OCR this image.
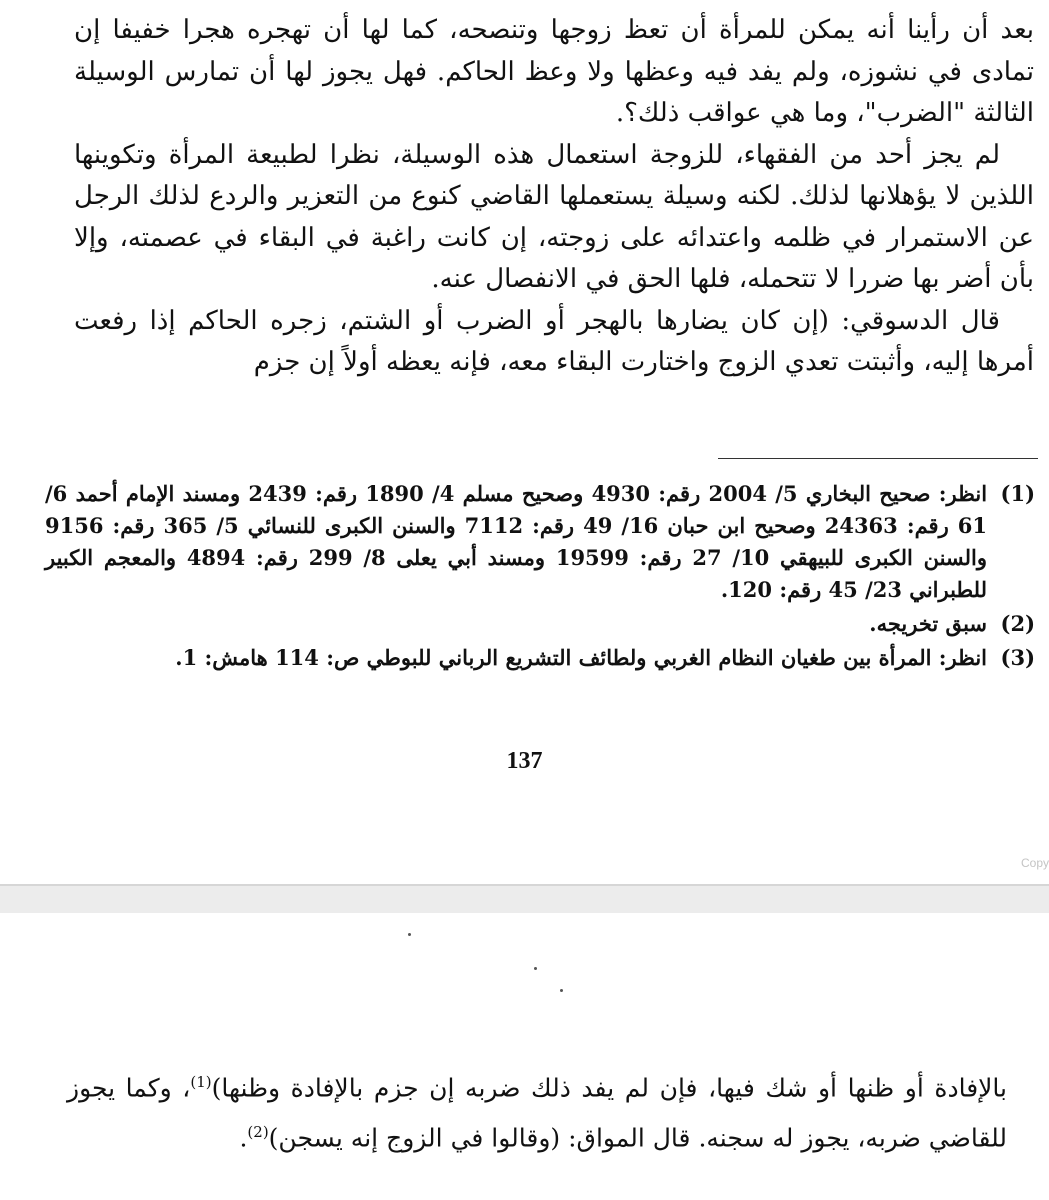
بعد أن رأينا أنه يمكن للمرأة أن تعظ زوجها وتنصحه، كما لها أن تهجره هجرا خفيفا إن تمادى في نشوزه، ولم يفد فيه وعظها ولا وعظ الحاكم. فهل يجوز لها أن تمارس الوسيلة الثالثة "الضرب"، وما هي عواقب ذلك؟.

لم يجز أحد من الفقهاء، للزوجة استعمال هذه الوسيلة، نظرا لطبيعة المرأة وتكوينها اللذين لا يؤهلانها لذلك. لكنه وسيلة يستعملها القاضي كنوع من التعزير والردع لذلك الرجل عن الاستمرار في ظلمه واعتدائه على زوجته، إن كانت راغبة في البقاء في عصمته، وإلا بأن أضر بها ضررا لا تتحمله، فلها الحق في الانفصال عنه.

قال الدسوقي: (إن كان يضارها بالهجر أو الضرب أو الشتم، زجره الحاكم إذا رفعت أمرها إليه، وأثبتت تعدي الزوج واختارت البقاء معه، فإنه يعظه أولاً إن جزم

(1)
انظر: صحيح البخاري 5/ 2004 رقم: 4930 وصحيح مسلم 4/ 1890 رقم: 2439 ومسند الإمام أحمد 6/ 61 رقم: 24363 وصحيح ابن حبان 16/ 49 رقم: 7112 والسنن الكبرى للنسائي 5/ 365 رقم: 9156 والسنن الكبرى للبيهقي 10/ 27 رقم: 19599 ومسند أبي يعلى 8/ 299 رقم: 4894 والمعجم الكبير للطبراني 23/ 45 رقم: 120.
(2)
سبق تخريجه.
(3)
انظر: المرأة بين طغيان النظام الغربي ولطائف التشريع الرباني للبوطي ص: 114 هامش: 1.
137
Copy
بالإفادة أو ظنها أو شك فيها، فإن لم يفد ذلك ضربه إن جزم بالإفادة وظنها)$^{(1)}$، وكما يجوز للقاضي ضربه، يجوز له سجنه. قال المواق: (وقالوا في الزوج إنه يسجن)$^{(2)}$.
